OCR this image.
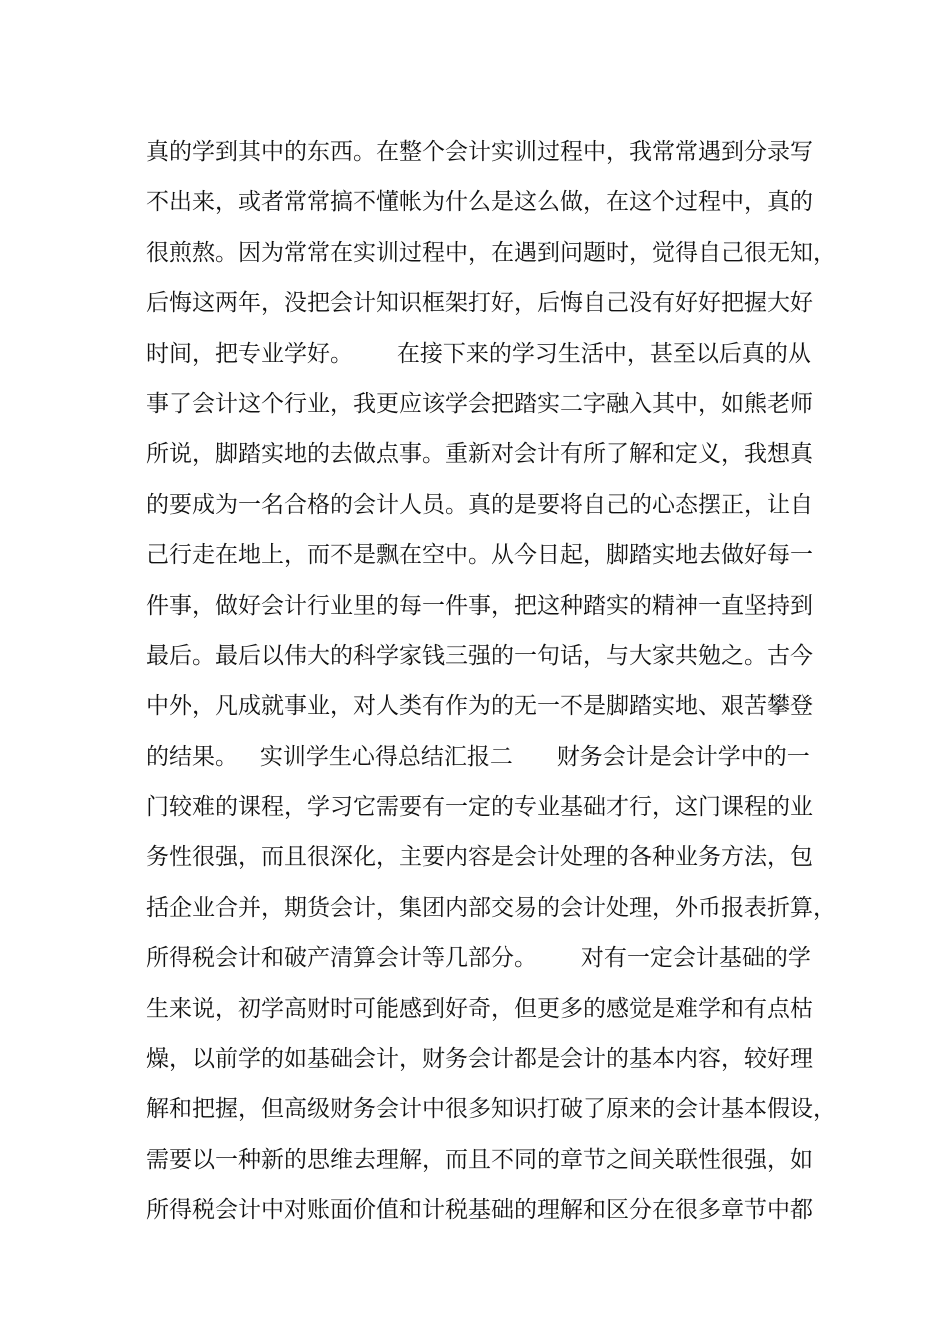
真的学到其中的东西。在整个会计实训过程中，我常常遇到分录写
不出来，或者常常搞不懂帐为什么是这么做，在这个过程中，真的
很煎熬。因为常常在实训过程中，在遇到问题时，觉得自己很无知，
后悔这两年，没把会计知识框架打好，后悔自己没有好好把握大好
时间，把专业学好。      在接下来的学习生活中，甚至以后真的从
事了会计这个行业，我更应该学会把踏实二字融入其中，如熊老师
所说，脚踏实地的去做点事。重新对会计有所了解和定义，我想真
的要成为一名合格的会计人员。真的是要将自己的心态摆正，让自
己行走在地上，而不是飘在空中。从今日起，脚踏实地去做好每一
件事，做好会计行业里的每一件事，把这种踏实的精神一直坚持到
最后。最后以伟大的科学家钱三强的一句话，与大家共勉之。古今
中外，凡成就事业，对人类有作为的无一不是脚踏实地、艰苦攀登
的结果。   实训学生心得总结汇报二      财务会计是会计学中的一
门较难的课程，学习它需要有一定的专业基础才行，这门课程的业
务性很强，而且很深化，主要内容是会计处理的各种业务方法，包
括企业合并，期货会计，集团内部交易的会计处理，外币报表折算，
所得税会计和破产清算会计等几部分。      对有一定会计基础的学
生来说，初学高财时可能感到好奇，但更多的感觉是难学和有点枯
燥，以前学的如基础会计，财务会计都是会计的基本内容，较好理
解和把握，但高级财务会计中很多知识打破了原来的会计基本假设，
需要以一种新的思维去理解，而且不同的章节之间关联性很强，如
所得税会计中对账面价值和计税基础的理解和区分在很多章节中都
